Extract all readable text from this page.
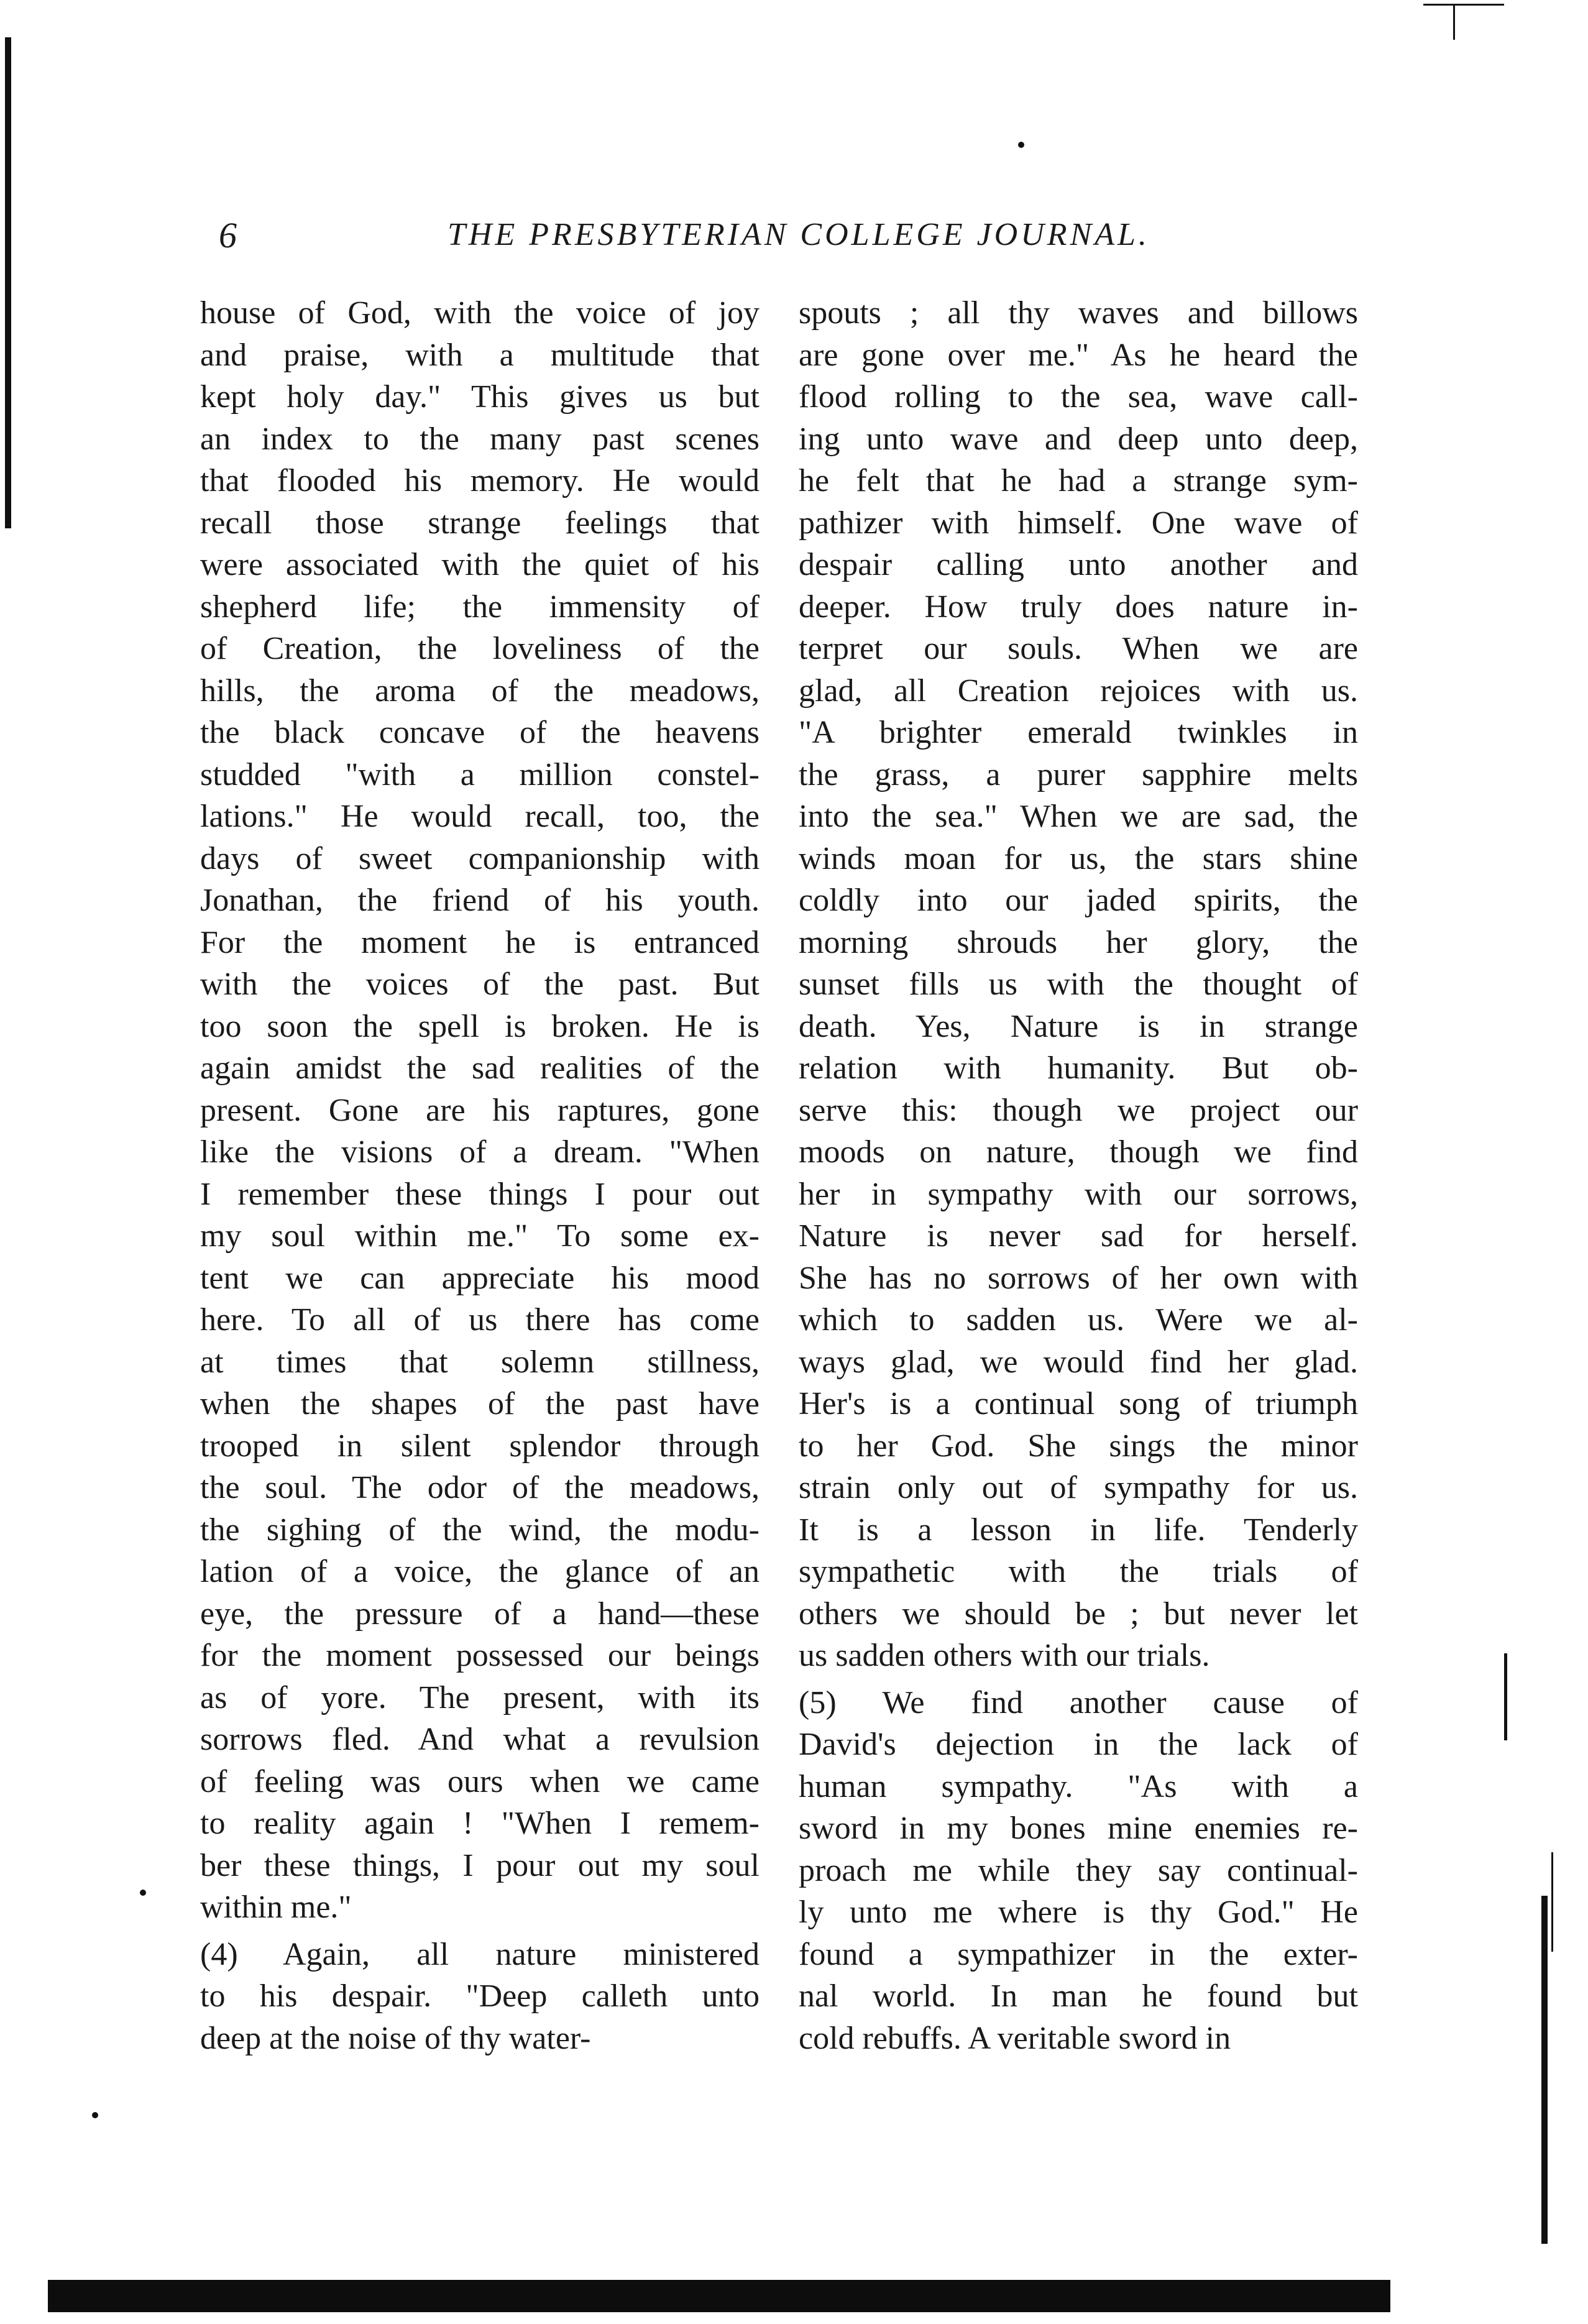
6	THE PRESBYTERIAN COLLEGE JOURNAL.
house of God, with the voice of joy
and praise, with a multitude that
kept holy day." This gives us but
an index to the many past scenes
that flooded his memory. He would
recall those strange feelings that
were associated with the quiet of his
shepherd life; the immensity of
of Creation, the loveliness of the
hills, the aroma of the meadows,
the black concave of the heavens
studded "with a million constel-
lations." He would recall, too, the
days of sweet companionship with
Jonathan, the friend of his youth.
For the moment he is entranced
with the voices of the past. But
too soon the spell is broken. He is
again amidst the sad realities of the
present. Gone are his raptures, gone
like the visions of a dream. "When
I remember these things I pour out
my soul within me." To some ex-
tent we can appreciate his mood
here. To all of us there has come
at times that solemn stillness,
when the shapes of the past have
trooped in silent splendor through
the soul. The odor of the meadows,
the sighing of the wind, the modu-
lation of a voice, the glance of an
eye, the pressure of a hand—these
for the moment possessed our beings
as of yore. The present, with its
sorrows fled. And what a revulsion
of feeling was ours when we came
to reality again ! "When I remem-
ber these things, I pour out my soul
within me."
(4) Again, all nature ministered
to his despair. "Deep calleth unto
deep at the noise of thy water-
spouts ; all thy waves and billows
are gone over me." As he heard the
flood rolling to the sea, wave call-
ing unto wave and deep unto deep,
he felt that he had a strange sym-
pathizer with himself. One wave of
despair calling unto another and
deeper. How truly does nature in-
terpret our souls. When we are
glad, all Creation rejoices with us.
"A brighter emerald twinkles in
the grass, a purer sapphire melts
into the sea." When we are sad, the
winds moan for us, the stars shine
coldly into our jaded spirits, the
morning shrouds her glory, the
sunset fills us with the thought of
death. Yes, Nature is in strange
relation with humanity. But ob-
serve this: though we project our
moods on nature, though we find
her in sympathy with our sorrows,
Nature is never sad for herself.
She has no sorrows of her own with
which to sadden us. Were we al-
ways glad, we would find her glad.
Her's is a continual song of triumph
to her God. She sings the minor
strain only out of sympathy for us.
It is a lesson in life. Tenderly
sympathetic with the trials of
others we should be ; but never let
us sadden others with our trials.
(5) We find another cause of
David's dejection in the lack of
human sympathy. "As with a
sword in my bones mine enemies re-
proach me while they say continual-
ly unto me where is thy God." He
found a sympathizer in the exter-
nal world. In man he found but
cold rebuffs. A veritable sword in
